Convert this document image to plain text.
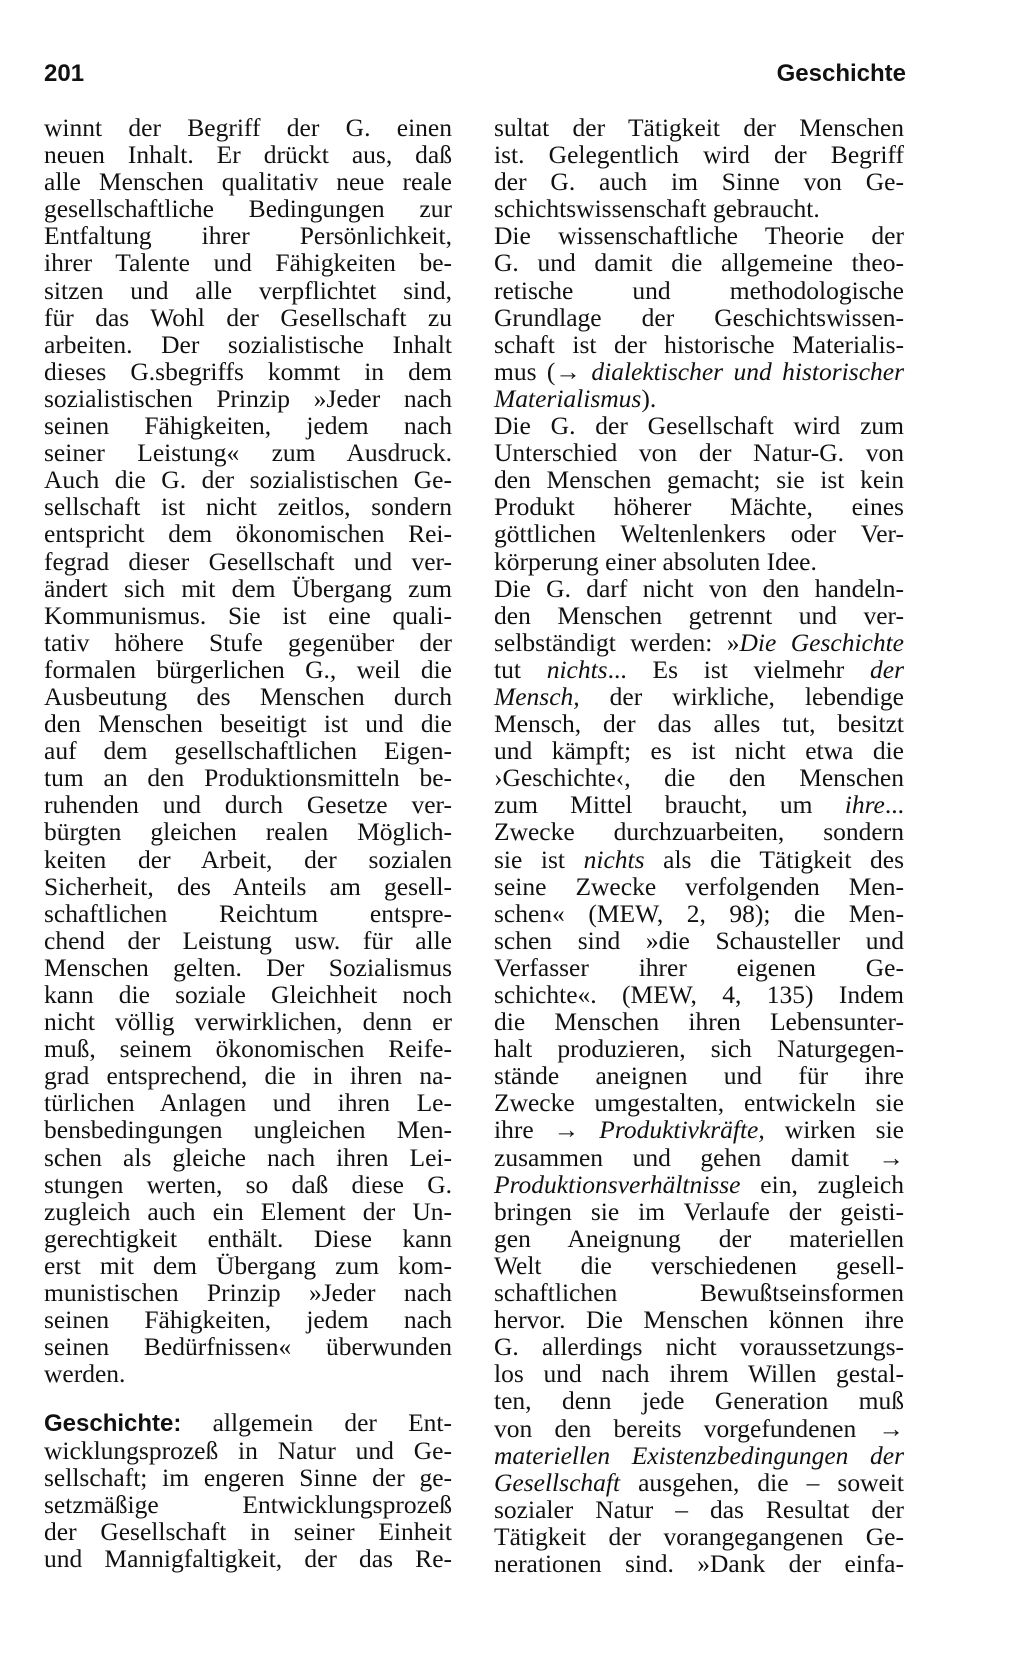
201	Geschichte
winnt der Begriff der G. einen
neuen Inhalt. Er drückt aus, daß
alle Menschen qualitativ neue reale
gesellschaftliche Bedingungen zur
Entfaltung ihrer Persönlichkeit,
ihrer Talente und Fähigkeiten be-
sitzen und alle verpflichtet sind,
für das Wohl der Gesellschaft zu
arbeiten. Der sozialistische Inhalt
dieses G.sbegriffs kommt in dem
sozialistischen Prinzip »Jeder nach
seinen Fähigkeiten, jedem nach
seiner Leistung« zum Ausdruck.
Auch die G. der sozialistischen Ge-
sellschaft ist nicht zeitlos, sondern
entspricht dem ökonomischen Rei-
fegrad dieser Gesellschaft und ver-
ändert sich mit dem Übergang zum
Kommunismus. Sie ist eine quali-
tativ höhere Stufe gegenüber der
formalen bürgerlichen G., weil die
Ausbeutung des Menschen durch
den Menschen beseitigt ist und die
auf dem gesellschaftlichen Eigen-
tum an den Produktionsmitteln be-
ruhenden und durch Gesetze ver-
bürgten gleichen realen Möglich-
keiten der Arbeit, der sozialen
Sicherheit, des Anteils am gesell-
schaftlichen Reichtum entspre-
chend der Leistung usw. für alle
Menschen gelten. Der Sozialismus
kann die soziale Gleichheit noch
nicht völlig verwirklichen, denn er
muß, seinem ökonomischen Reife-
grad entsprechend, die in ihren na-
türlichen Anlagen und ihren Le-
bensbedingungen ungleichen Men-
schen als gleiche nach ihren Lei-
stungen werten, so daß diese G.
zugleich auch ein Element der Un-
gerechtigkeit enthält. Diese kann
erst mit dem Übergang zum kom-
munistischen Prinzip »Jeder nach
seinen Fähigkeiten, jedem nach
seinen Bedürfnissen« überwunden
werden.
Geschichte: allgemein der Ent-
wicklungsprozeß in Natur und Ge-
sellschaft; im engeren Sinne der ge-
setzmäßige Entwicklungsprozeß
der Gesellschaft in seiner Einheit
und Mannigfaltigkeit, der das Re-
sultat der Tätigkeit der Menschen
ist. Gelegentlich wird der Begriff
der G. auch im Sinne von Ge-
schichtswissenschaft gebraucht.
Die wissenschaftliche Theorie der
G. und damit die allgemeine theo-
retische und methodologische
Grundlage der Geschichtswissen-
schaft ist der historische Materialis-
mus (→ dialektischer und historischer
Materialismus).
Die G. der Gesellschaft wird zum
Unterschied von der Natur-G. von
den Menschen gemacht; sie ist kein
Produkt höherer Mächte, eines
göttlichen Weltenlenkers oder Ver-
körperung einer absoluten Idee.
Die G. darf nicht von den handeln-
den Menschen getrennt und ver-
selbständigt werden: »Die Geschichte
tut nichts... Es ist vielmehr der
Mensch, der wirkliche, lebendige
Mensch, der das alles tut, besitzt
und kämpft; es ist nicht etwa die
›Geschichte‹, die den Menschen
zum Mittel braucht, um ihre...
Zwecke durchzuarbeiten, sondern
sie ist nichts als die Tätigkeit des
seine Zwecke verfolgenden Men-
schen« (MEW, 2, 98); die Men-
schen sind »die Schausteller und
Verfasser ihrer eigenen Ge-
schichte«. (MEW, 4, 135) Indem
die Menschen ihren Lebensunter-
halt produzieren, sich Naturgegen-
stände aneignen und für ihre
Zwecke umgestalten, entwickeln sie
ihre → Produktivkräfte, wirken sie
zusammen und gehen damit →
Produktionsverhältnisse ein, zugleich
bringen sie im Verlaufe der geisti-
gen Aneignung der materiellen
Welt die verschiedenen gesell-
schaftlichen Bewußtseinsformen
hervor. Die Menschen können ihre
G. allerdings nicht voraussetzungs-
los und nach ihrem Willen gestal-
ten, denn jede Generation muß
von den bereits vorgefundenen →
materiellen Existenzbedingungen der
Gesellschaft ausgehen, die – soweit
sozialer Natur – das Resultat der
Tätigkeit der vorangegangenen Ge-
nerationen sind. »Dank der einfa-
